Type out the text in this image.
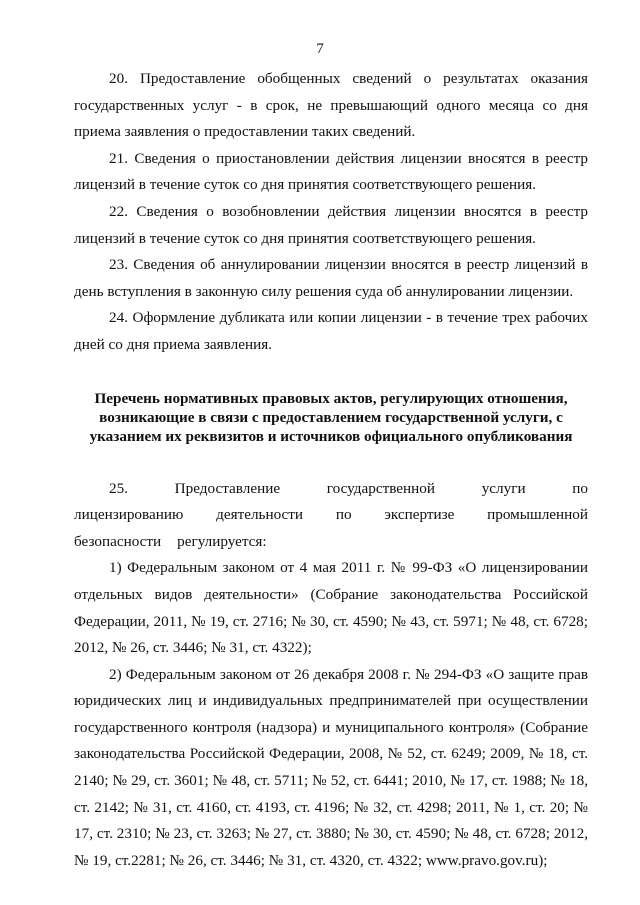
7

20. Предоставление обобщенных сведений о результатах оказания государственных услуг - в срок, не превышающий одного месяца со дня приема заявления о предоставлении таких сведений.

21. Сведения о приостановлении действия лицензии вносятся в реестр лицензий в течение суток со дня принятия соответствующего решения.

22. Сведения о возобновлении действия лицензии вносятся в реестр лицензий в течение суток со дня принятия соответствующего решения.

23. Сведения об аннулировании лицензии вносятся в реестр лицензий в день вступления в законную силу решения суда об аннулировании лицензии.

24. Оформление дубликата или копии лицензии - в течение трех рабочих дней со дня приема заявления.

Перечень нормативных правовых актов, регулирующих отношения, возникающие в связи с предоставлением государственной услуги, с указанием их реквизитов и источников официального опубликования

25. Предоставление государственной услуги по лицензированию деятельности по экспертизе промышленной безопасности регулируется:

1) Федеральным законом от 4 мая 2011 г. № 99-ФЗ «О лицензировании отдельных видов деятельности» (Собрание законодательства Российской Федерации, 2011, № 19, ст. 2716; № 30, ст. 4590; № 43, ст. 5971; № 48, ст. 6728; 2012, № 26, ст. 3446; № 31, ст. 4322);

2) Федеральным законом от 26 декабря 2008 г. № 294-ФЗ «О защите прав юридических лиц и индивидуальных предпринимателей при осуществлении государственного контроля (надзора) и муниципального контроля» (Собрание законодательства Российской Федерации, 2008, № 52, ст. 6249; 2009, № 18, ст. 2140; № 29, ст. 3601; № 48, ст. 5711; № 52, ст. 6441; 2010, № 17, ст. 1988; № 18, ст. 2142; № 31, ст. 4160, ст. 4193, ст. 4196; № 32, ст. 4298; 2011, № 1, ст. 20; № 17, ст. 2310; № 23, ст. 3263; № 27, ст. 3880; № 30, ст. 4590; № 48, ст. 6728; 2012, № 19, ст.2281; № 26, ст. 3446; № 31, ст. 4320, ст. 4322; www.pravo.gov.ru);
